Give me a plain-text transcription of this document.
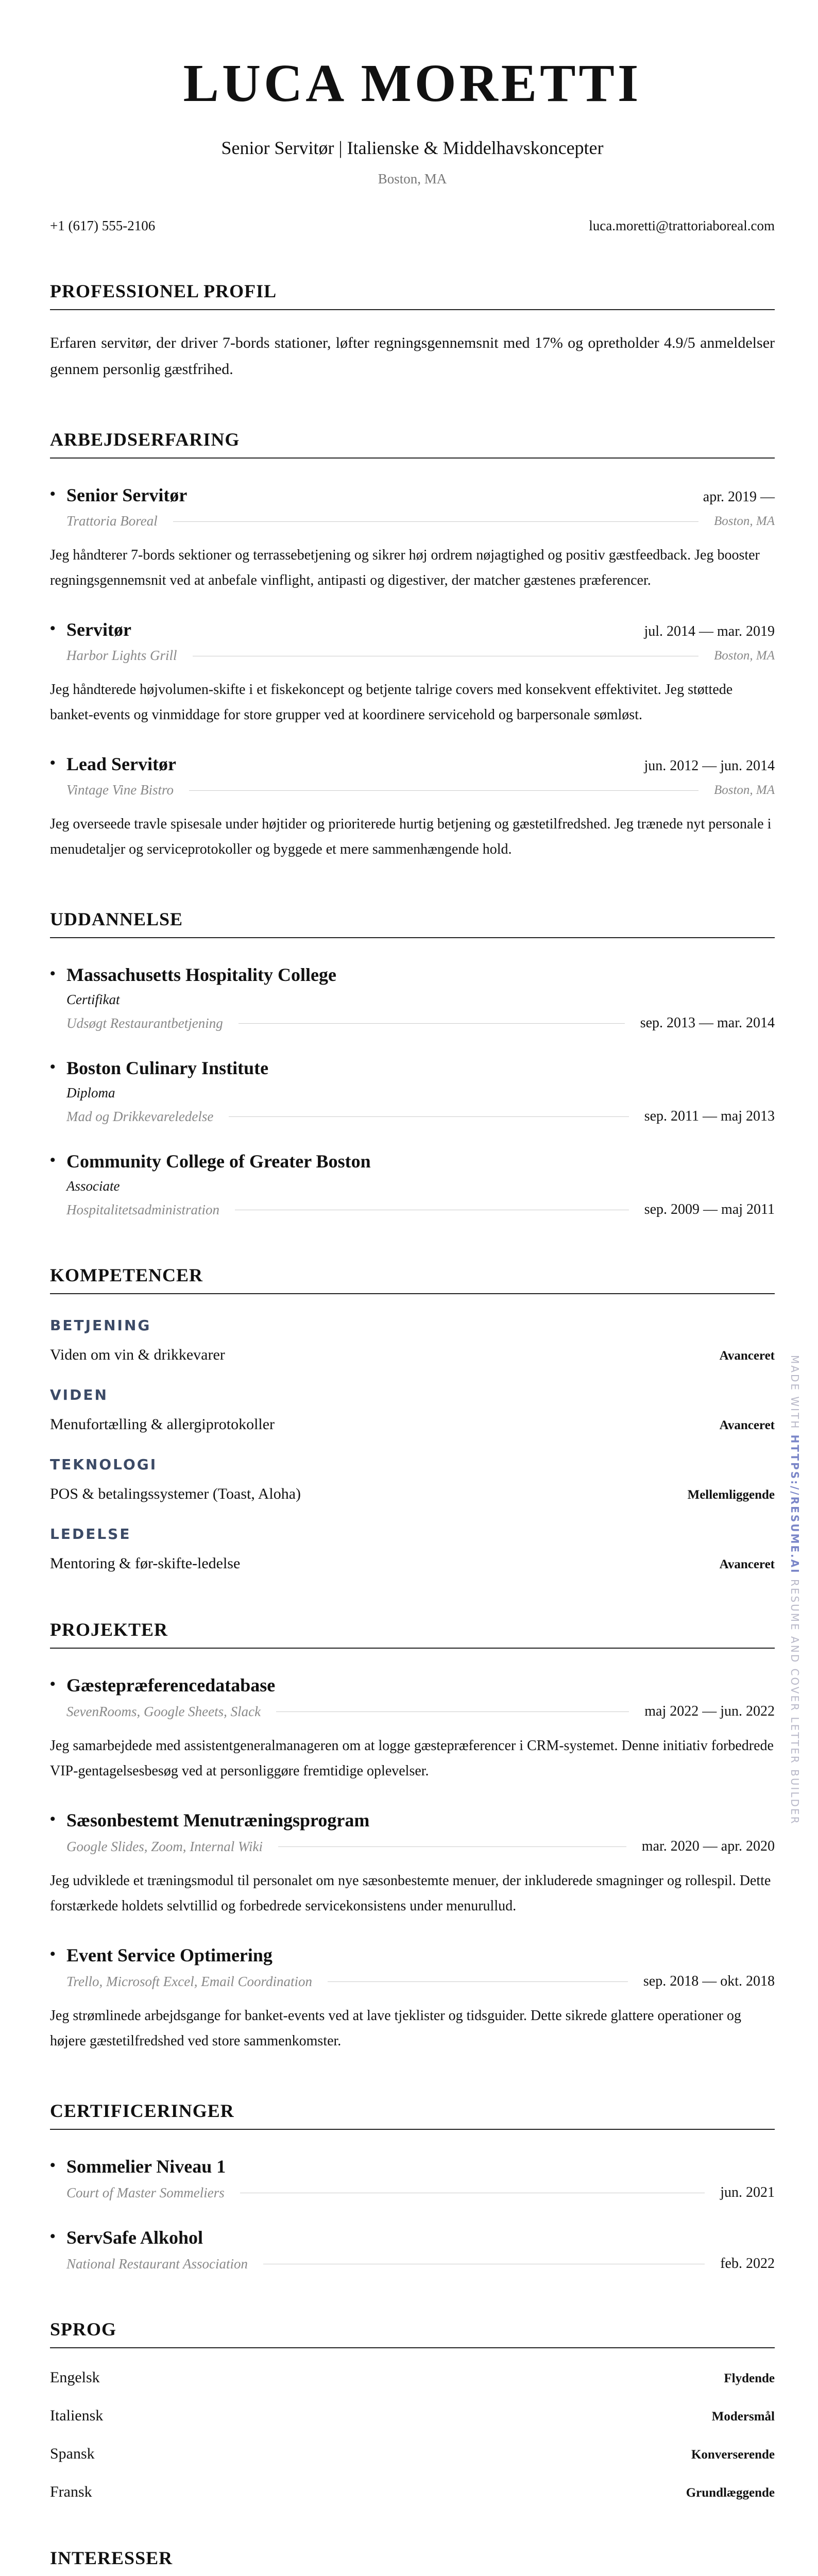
LUCA MORETTI
Senior Servitør | Italienske & Middelhavskoncepter
Boston, MA
+1 (617) 555-2106	luca.moretti@trattoriaboreal.com
PROFESSIONEL PROFIL
Erfaren servitør, der driver 7-bords stationer, løfter regningsgennemsnit med 17% og opretholder 4.9/5 anmeldelser gennem personlig gæstfrihed.
ARBEJDSERFARING
• Senior Servitør	apr. 2019 —
Trattoria Boreal	Boston, MA
Jeg håndterer 7-bords sektioner og terrassebetjening og sikrer høj ordrem nøjagtighed og positiv gæstfeedback. Jeg booster regningsgennemsnit ved at anbefale vinflight, antipasti og digestiver, der matcher gæstenes præferencer.
• Servitør	jul. 2014 — mar. 2019
Harbor Lights Grill	Boston, MA
Jeg håndterede højvolumen-skifte i et fiskekoncept og betjente talrige covers med konsekvent effektivitet. Jeg støttede banket-events og vinmiddage for store grupper ved at koordinere servicehold og barpersonale sømløst.
• Lead Servitør	jun. 2012 — jun. 2014
Vintage Vine Bistro	Boston, MA
Jeg overseede travle spisesale under højtider og prioriterede hurtig betjening og gæstetilfredshed. Jeg trænede nyt personale i menudetaljer og serviceprotokoller og byggede et mere sammenhængende hold.
UDDANNELSE
• Massachusetts Hospitality College
Certifikat
Udsøgt Restaurantbetjening	sep. 2013 — mar. 2014
• Boston Culinary Institute
Diploma
Mad og Drikkevareledelse	sep. 2011 — maj 2013
• Community College of Greater Boston
Associate
Hospitalitetsadministration	sep. 2009 — maj 2011
KOMPETENCER
BETJENING
Viden om vin & drikkevarer	Avanceret
VIDEN
Menufortælling & allergiprotokoller	Avanceret
TEKNOLOGI
POS & betalingssystemer (Toast, Aloha)	Mellemliggende
LEDELSE
Mentoring & før-skifte-ledelse	Avanceret
PROJEKTER
• Gæstepræferencedatabase
SevenRooms, Google Sheets, Slack	maj 2022 — jun. 2022
Jeg samarbejdede med assistentgeneralmanageren om at logge gæstepræferencer i CRM-systemet. Denne initiativ forbedrede VIP-gentagelsesbesøg ved at personliggøre fremtidige oplevelser.
• Sæsonbestemt Menutræningsprogram
Google Slides, Zoom, Internal Wiki	mar. 2020 — apr. 2020
Jeg udviklede et træningsmodul til personalet om nye sæsonbestemte menuer, der inkluderede smagninger og rollespil. Dette forstærkede holdets selvtillid og forbedrede servicekonsistens under menurullud.
• Event Service Optimering
Trello, Microsoft Excel, Email Coordination	sep. 2018 — okt. 2018
Jeg strømlinede arbejdsgange for banket-events ved at lave tjeklister og tidsguider. Dette sikrede glattere operationer og højere gæstetilfredshed ved store sammenkomster.
CERTIFICERINGER
• Sommelier Niveau 1
Court of Master Sommeliers	jun. 2021
• ServSafe Alkohol
National Restaurant Association	feb. 2022
SPROG
Engelsk	Flydende
Italiensk	Modersmål
Spansk	Konverserende
Fransk	Grundlæggende
INTERESSER
MADE WITH HTTPS://RESUME.AI RESUME AND COVER LETTER BUILDER
